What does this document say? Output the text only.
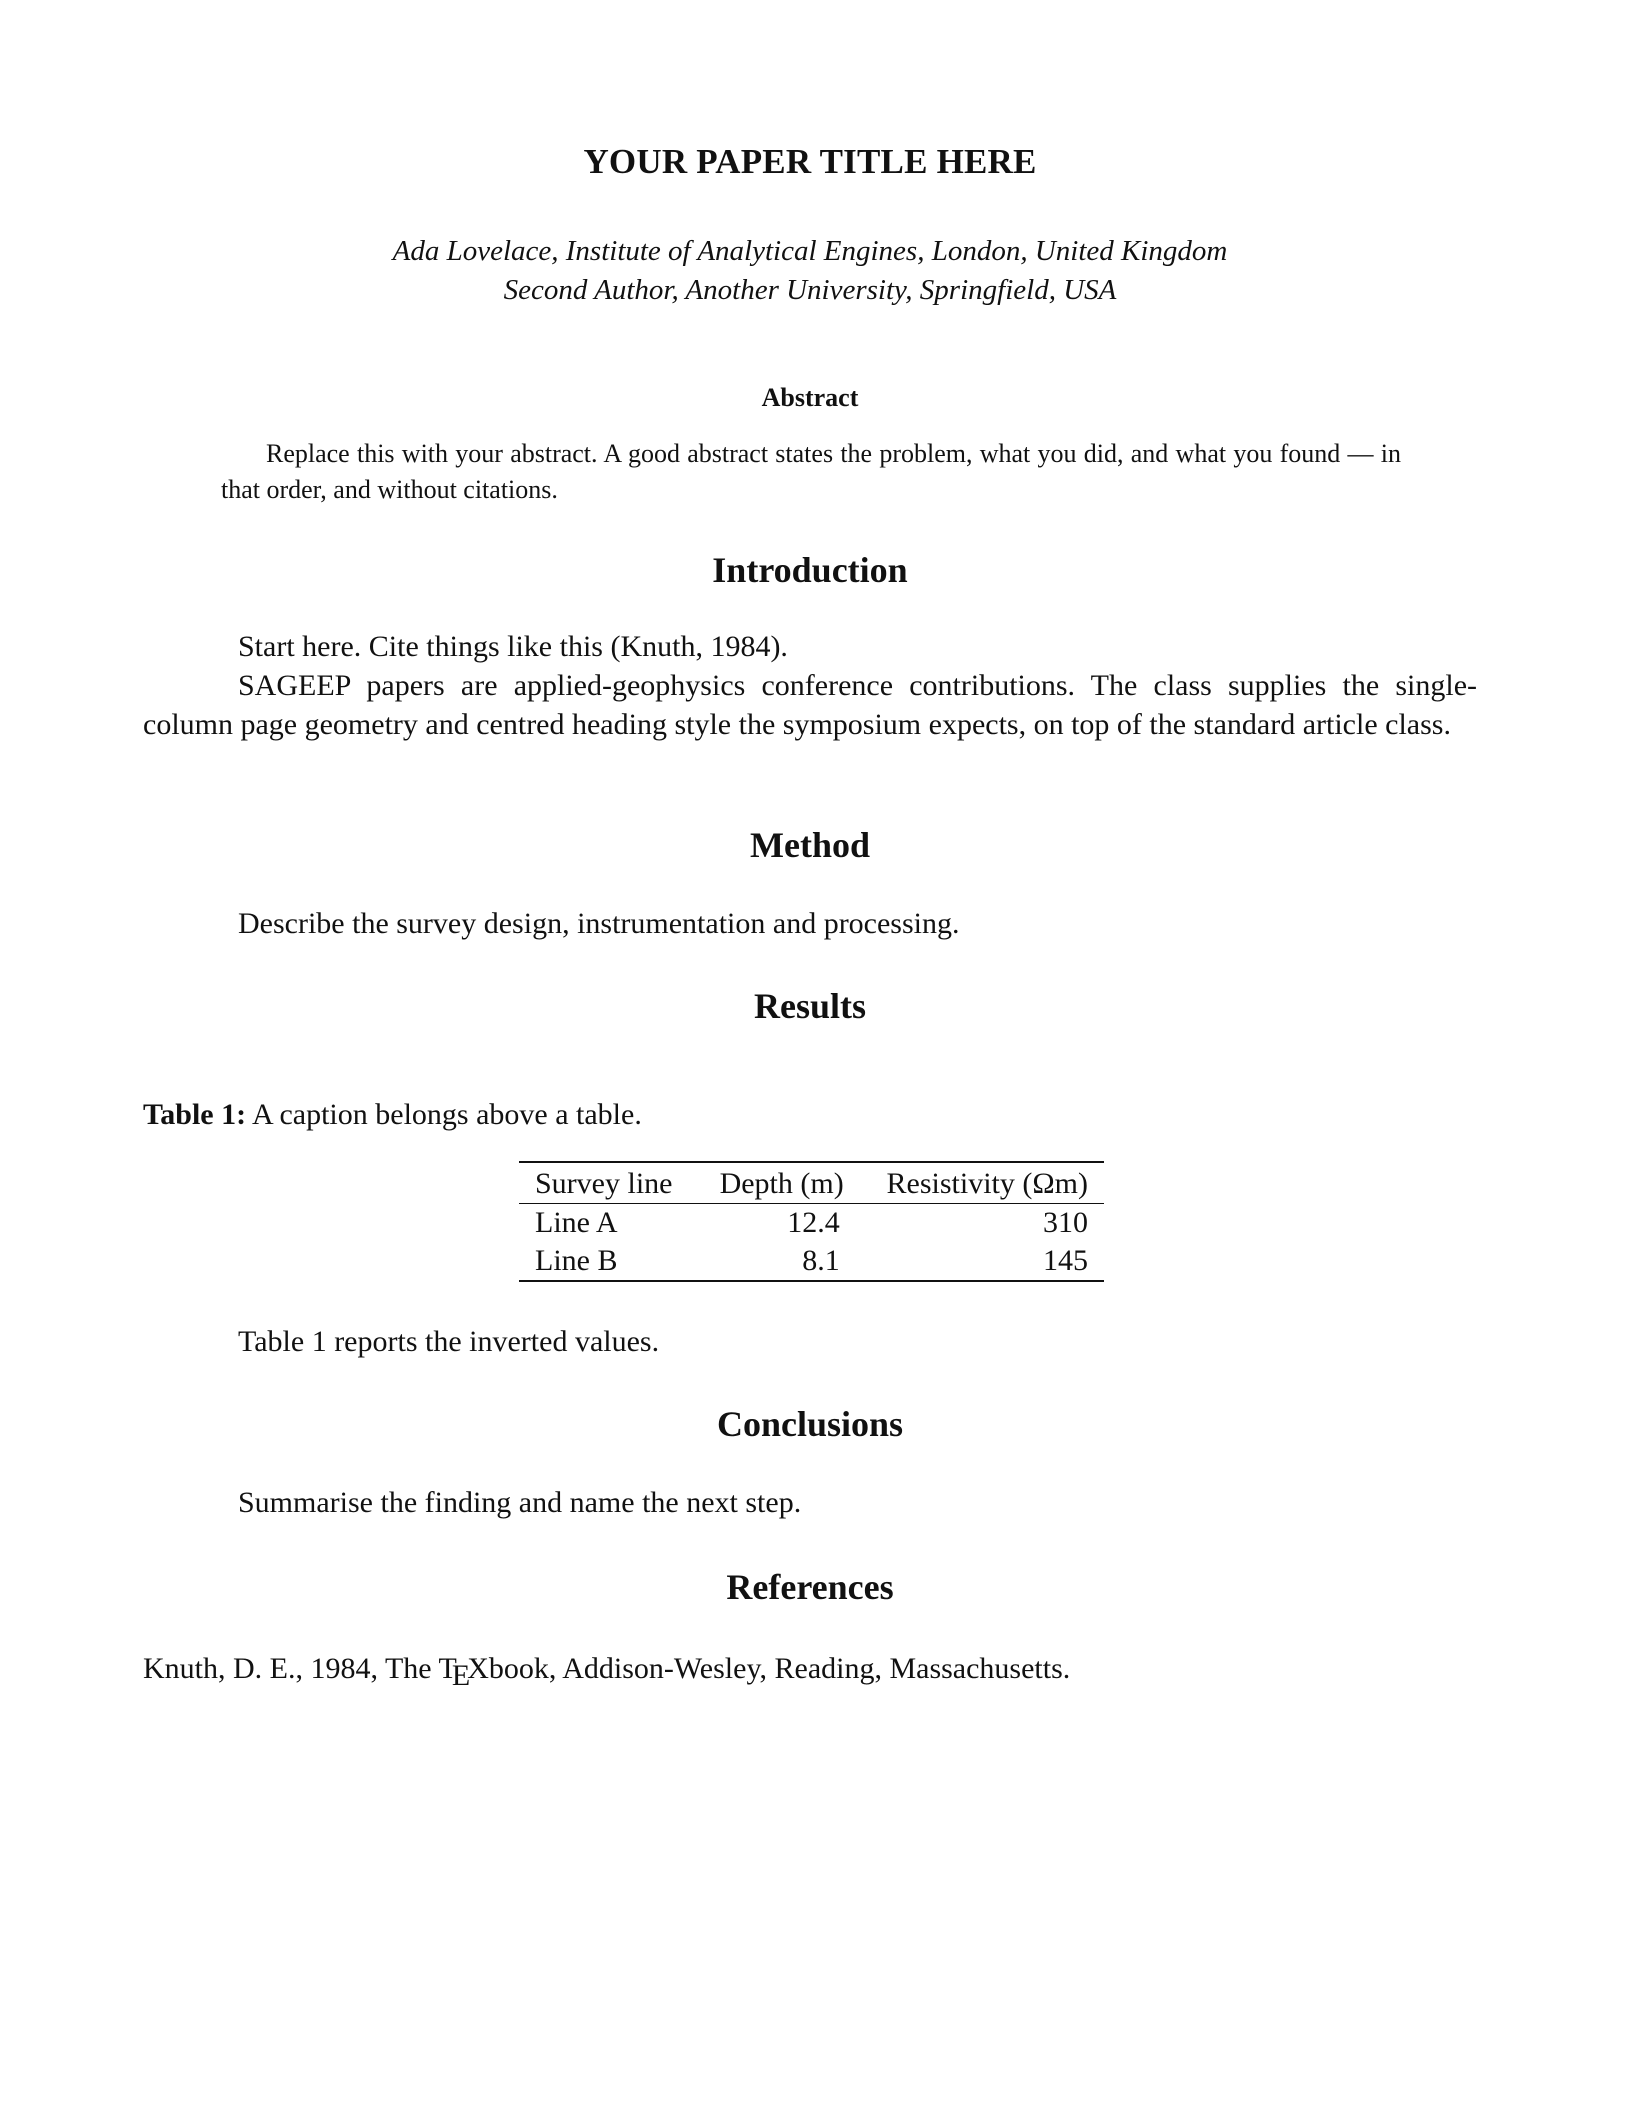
YOUR PAPER TITLE HERE
Ada Lovelace, Institute of Analytical Engines, London, United Kingdom
Second Author, Another University, Springfield, USA
Abstract
Replace this with your abstract. A good abstract states the problem, what you did, and what you found — in that order, and without citations.
Introduction
Start here. Cite things like this (Knuth, 1984).
SAGEEP papers are applied-geophysics conference contributions. The class supplies the single-column page geometry and centred heading style the symposium expects, on top of the standard article class.
Method
Describe the survey design, instrumentation and processing.
Results
Table 1: A caption belongs above a table.
Survey line	Depth (m)	Resistivity (Ωm)
Line A	12.4	310
Line B	8.1	145
Table 1 reports the inverted values.
Conclusions
Summarise the finding and name the next step.
References
Knuth, D. E., 1984, The TEXbook, Addison-Wesley, Reading, Massachusetts.
